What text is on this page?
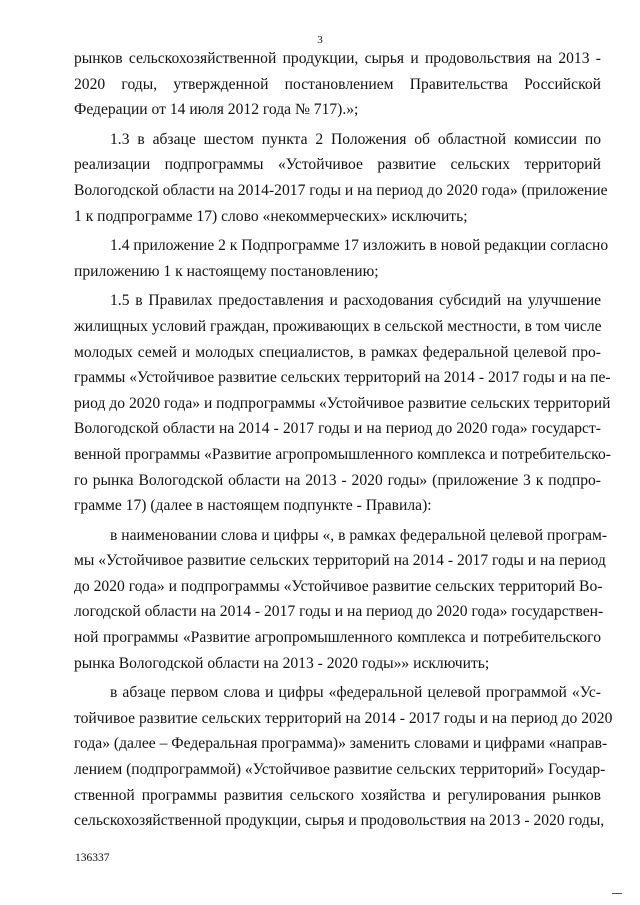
3
рынков сельскохозяйственной продукции, сырья и продовольствия на 2013 -
2020 годы, утвержденной постановлением Правительства Российской
Федерации от 14 июля 2012 года № 717).»;
1.3 в абзаце шестом пункта 2 Положения об областной комиссии по
реализации подпрограммы «Устойчивое развитие сельских территорий
Вологодской области на 2014-2017 годы и на период до 2020 года» (приложение
1 к подпрограмме 17) слово «некоммерческих» исключить;
1.4 приложение 2 к Подпрограмме 17 изложить в новой редакции согласно
приложению 1 к настоящему постановлению;
1.5 в Правилах предоставления и расходования субсидий на улучшение
жилищных условий граждан, проживающих в сельской местности, в том числе
молодых семей и молодых специалистов, в рамках федеральной целевой про-
граммы «Устойчивое развитие сельских территорий на 2014 - 2017 годы и на пе-
риод до 2020 года» и подпрограммы «Устойчивое развитие сельских территорий
Вологодской области на 2014 - 2017 годы и на период до 2020 года» государст-
венной программы «Развитие агропромышленного комплекса и потребительско-
го рынка Вологодской области на 2013 - 2020 годы» (приложение 3 к подпро-
грамме 17) (далее в настоящем подпункте - Правила):
в наименовании слова и цифры «, в рамках федеральной целевой програм-
мы «Устойчивое развитие сельских территорий на 2014 - 2017 годы и на период
до 2020 года» и подпрограммы «Устойчивое развитие сельских территорий Во-
логодской области на 2014 - 2017 годы и на период до 2020 года» государствен-
ной программы «Развитие агропромышленного комплекса и потребительского
рынка Вологодской области на 2013 - 2020 годы»» исключить;
в абзаце первом слова и цифры «федеральной целевой программой «Ус-
тойчивое развитие сельских территорий на 2014 - 2017 годы и на период до 2020
года» (далее – Федеральная программа)» заменить словами и цифрами «направ-
лением (подпрограммой) «Устойчивое развитие сельских территорий» Государ-
ственной программы развития сельского хозяйства и регулирования рынков
сельскохозяйственной продукции, сырья и продовольствия на 2013 - 2020 годы,
136337
